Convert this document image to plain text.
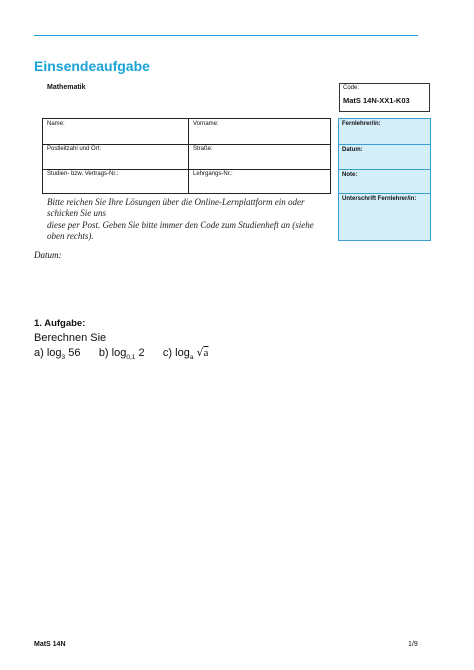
Einsendeaufgabe
Mathematik	Code:
MatS 14N-XX1-K03
Name:	Vorname:
Postleitzahl und Ort:	Straße:
Studien- bzw. Vertrags-Nr.:	Lehrgangs-Nr.:
Fernlehrer/in:
Datum:
Note:
Unterschrift Fernlehrer/in:
Bitte reichen Sie Ihre Lösungen über die Online-Lernplattform ein oder
schicken Sie uns
diese per Post. Geben Sie bitte immer den Code zum Studienheft an (siehe
oben rechts).
Datum:
1. Aufgabe:
Berechnen Sie
a) $\log_3 56$ b) $\log_{0,1} 2$ c) $\log_a √a$
MatS 14N	1/9
